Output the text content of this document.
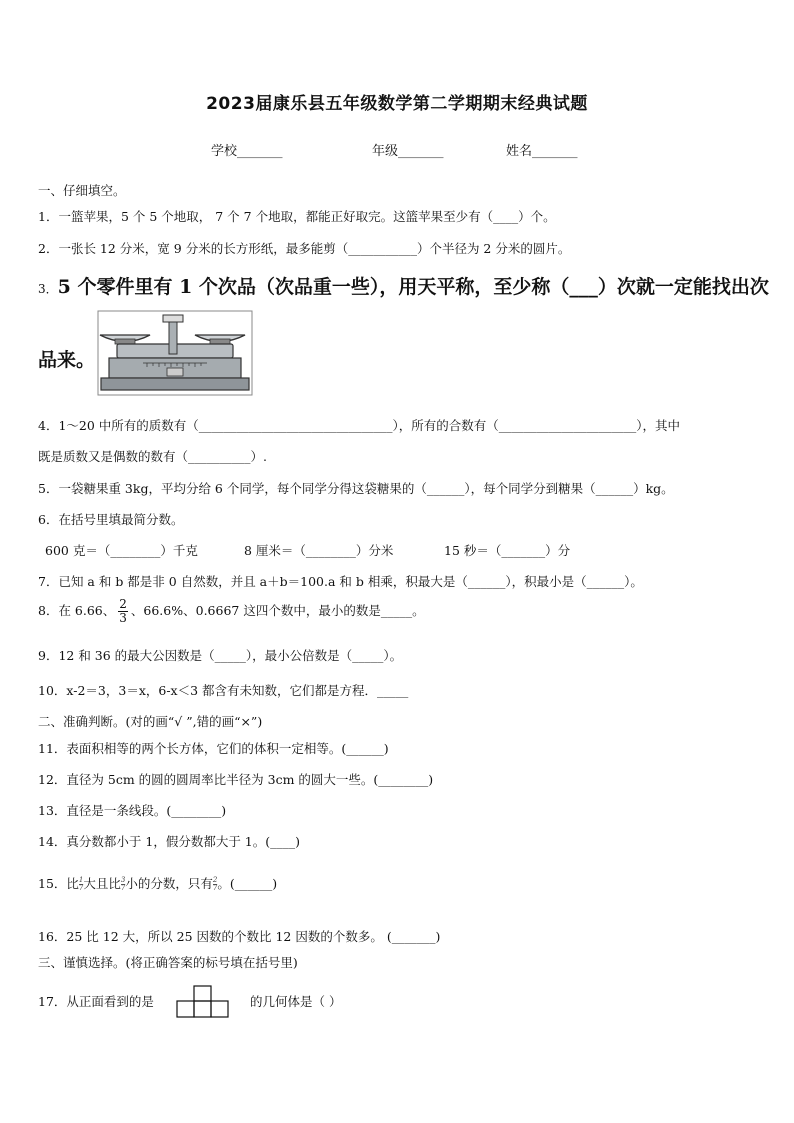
2023届康乐县五年级数学第二学期期末经典试题
学校_______	年级_______	姓名_______
一、仔细填空。
1．一篮苹果，5 个 5 个地取， 7 个 7 个地取，都能正好取完。这篮苹果至少有（____）个。
2．一张长 12 分米，宽 9 分米的长方形纸，最多能剪（___________）个半径为 2 分米的圆片。
3．5 个零件里有 1 个次品（次品重一些），用天平称，至少称（___）次就一定能找出次
品来。
4．1～20 中所有的质数有（_______________________________），所有的合数有（______________________），其中
既是质数又是偶数的数有（__________）.
5．一袋糖果重 3kg，平均分给 6 个同学，每个同学分得这袋糖果的（______），每个同学分到糖果（______）kg。
6．在括号里填最简分数。
600 克＝（________）千克	8 厘米＝（________）分米	15 秒＝（_______）分
7．已知 a 和 b 都是非 0 自然数，并且 a＋b＝100.a 和 b 相乘，积最大是（______），积最小是（______）。
8．在 6.66、 $\frac{2}{3}$ 、66.6%、0.6667 这四个数中，最小的数是_____。
9．12 和 36 的最大公因数是（_____），最小公倍数是（_____）。
10．x-2＝3，3＝x，6-x＜3 都含有未知数，它们都是方程．_____
二、准确判断。(对的画“√ ”,错的画“×”)
11．表面积相等的两个长方体，它们的体积一定相等。(______)
12．直径为 5cm 的圆的圆周率比半径为 3cm 的圆大一些。(________)
13．直径是一条线段。(________)
14．真分数都小于 1，假分数都大于 1。(____)
15．比 $\frac{1}{7}$ 大且比 $\frac{3}{7}$ 小的分数，只有 $\frac{2}{7}$ 。(______)
16．25 比 12 大，所以 25 因数的个数比 12 因数的个数多。 (_______)
三、谨慎选择。(将正确答案的标号填在括号里)
17．从正面看到的是	的几何体是（ ）
